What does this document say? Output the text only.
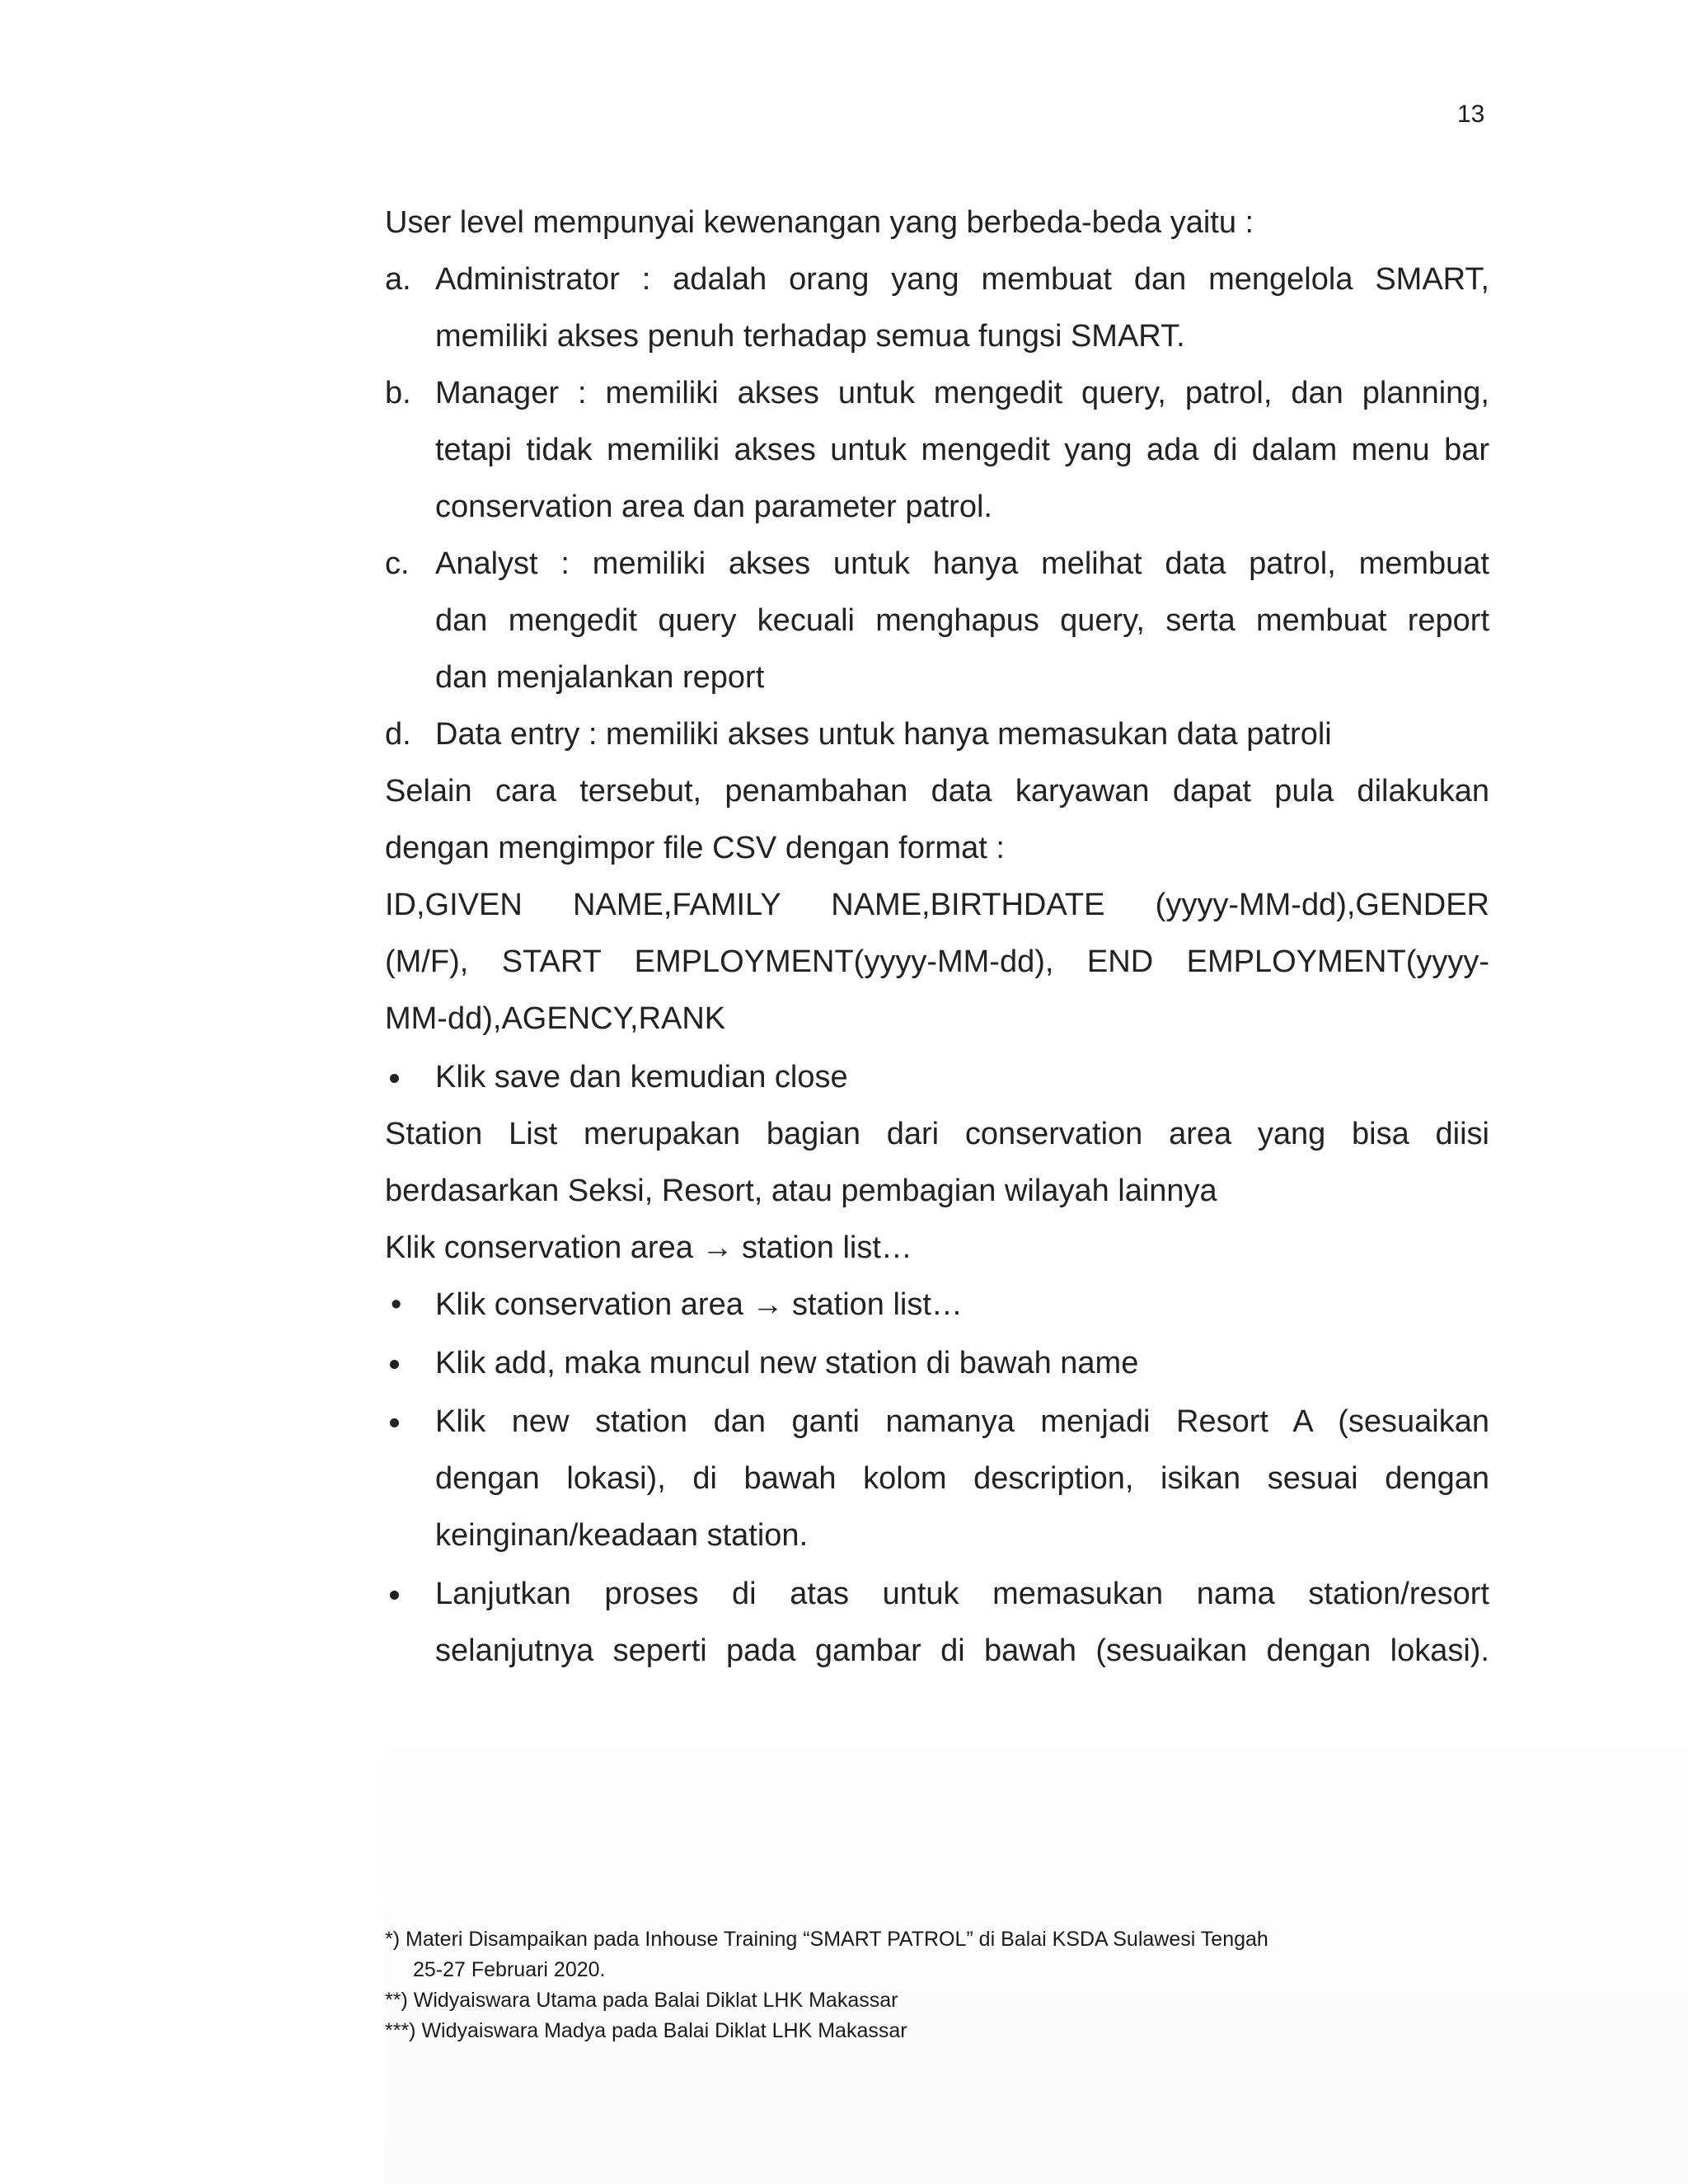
13

User level mempunyai kewenangan yang berbeda-beda yaitu :

a. Administrator : adalah orang yang membuat dan mengelola SMART,
memiliki akses penuh terhadap semua fungsi SMART.
b. Manager : memiliki akses untuk mengedit query, patrol, dan planning,
tetapi tidak memiliki akses untuk mengedit yang ada di dalam menu bar
conservation area dan parameter patrol.
c. Analyst : memiliki akses untuk hanya melihat data patrol, membuat
dan mengedit query kecuali menghapus query, serta membuat report
dan menjalankan report
d. Data entry : memiliki akses untuk hanya memasukan data patroli

Selain cara tersebut, penambahan data karyawan dapat pula dilakukan

dengan mengimpor file CSV dengan format :

ID,GIVEN NAME,FAMILY NAME,BIRTHDATE (yyyy-MM-dd),GENDER

(M/F), START EMPLOYMENT(yyyy-MM-dd), END EMPLOYMENT(yyyy-

MM-dd),AGENCY,RANK

Klik save dan kemudian close

Station List merupakan bagian dari conservation area yang bisa diisi

berdasarkan Seksi, Resort, atau pembagian wilayah lainnya

Klik conservation area → station list…

• Klik conservation area → station list…
Klik add, maka muncul new station di bawah name
Klik new station dan ganti namanya menjadi Resort A (sesuaikan
dengan lokasi), di bawah kolom description, isikan sesuai dengan
keinginan/keadaan station.
Lanjutkan proses di atas untuk memasukan nama station/resort
selanjutnya seperti pada gambar di bawah (sesuaikan dengan lokasi).

*) Materi Disampaikan pada Inhouse Training “SMART PATROL” di Balai KSDA Sulawesi Tengah

25-27 Februari 2020.

**) Widyaiswara Utama pada Balai Diklat LHK Makassar

***) Widyaiswara Madya pada Balai Diklat LHK Makassar
